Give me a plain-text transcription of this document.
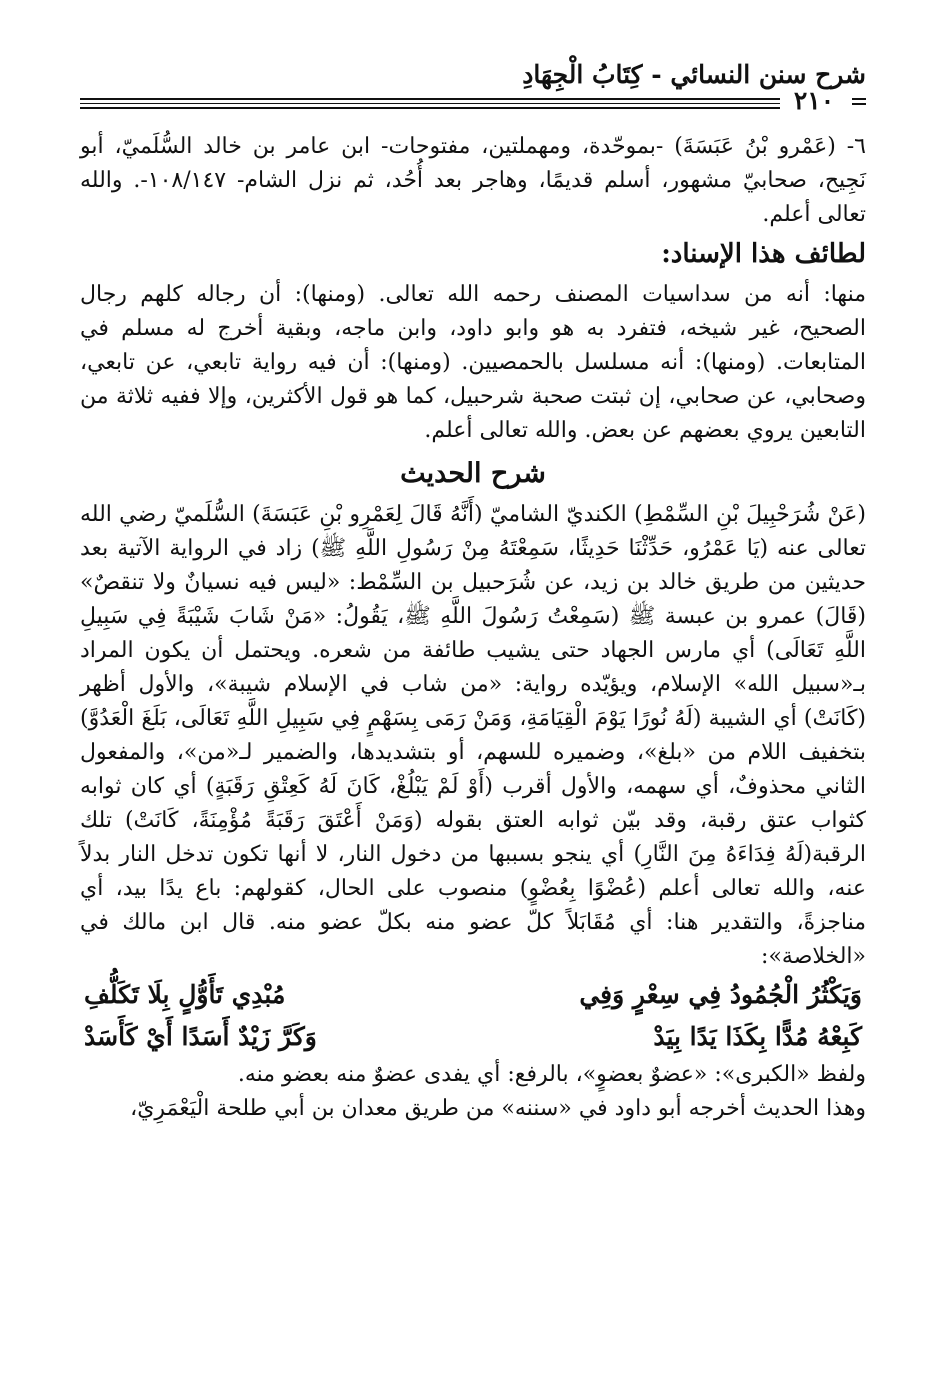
شرح سنن النسائي - كِتَابُ الْجِهَادِ
٢١٠

٦- (عَمْرو بْنُ عَبَسَةَ) -بموحّدة، ومهملتين، مفتوحات- ابن عامر بن خالد السُّلَميّ، أبو نَجِيح، صحابيّ مشهور، أسلم قديمًا، وهاجر بعد أُحُد، ثم نزل الشام- ١٠٨/١٤٧-. والله تعالى أعلم.

لطائف هذا الإسناد:

منها: أنه من سداسيات المصنف رحمه الله تعالى. (ومنها): أن رجاله كلهم رجال الصحيح، غير شيخه، فتفرد به هو وابو داود، وابن ماجه، وبقية أخرج له مسلم في المتابعات. (ومنها): أنه مسلسل بالحمصيين. (ومنها): أن فيه رواية تابعي، عن تابعي، وصحابي، عن صحابي، إن ثبتت صحبة شرحبيل، كما هو قول الأكثرين، وإلا ففيه ثلاثة من التابعين يروي بعضهم عن بعض. والله تعالى أعلم.

شرح الحديث

(عَنْ شُرَحْبِيلَ بْنِ السِّمْطِ) الكنديّ الشاميّ (أَنَّهُ قَالَ لِعَمْرِو بْنِ عَبَسَةَ) السُّلَميّ رضي الله تعالى عنه (يَا عَمْرُو، حَدِّثْنَا حَدِيثًا، سَمِعْتَهُ مِنْ رَسُولِ اللَّهِ ﷺ) زاد في الرواية الآتية بعد حديثين من طريق خالد بن زيد، عن شُرَحبيل بن السِّمْط: «ليس فيه نسيانٌ ولا تنقصٌ» (قَالَ) عمرو بن عبسة ﷺ (سَمِعْتُ رَسُولَ اللَّهِ ﷺ، يَقُولُ: «مَنْ شَابَ شَيْبَةً فِي سَبِيلِ اللَّهِ تَعَالَى) أي مارس الجهاد حتى يشيب طائفة من شعره. ويحتمل أن يكون المراد بـ«سبيل الله» الإسلام، ويؤيّده رواية: «من شاب في الإسلام شيبة»، والأول أظهر (كَانَتْ) أي الشيبة (لَهُ نُورًا يَوْمَ الْقِيَامَةِ، وَمَنْ رَمَى بِسَهْمٍ فِي سَبِيلِ اللَّهِ تَعَالَى، بَلَغَ الْعَدُوَّ) بتخفيف اللام من «بلغ»، وضميره للسهم، أو بتشديدها، والضمير لـ«من»، والمفعول الثاني محذوفٌ، أي سهمه، والأول أقرب (أَوْ لَمْ يَبْلُغْ، كَانَ لَهُ كَعِتْقِ رَقَبَةٍ) أي كان ثوابه كثواب عتق رقبة، وقد بيّن ثوابه العتق بقوله (وَمَنْ أَعْتَقَ رَقَبَةً مُؤْمِنَةً، كَانَتْ) تلك الرقبة(لَهُ فِدَاءَهُ مِنَ النَّارِ) أي ينجو بسببها من دخول النار، لا أنها تكون تدخل النار بدلاً عنه، والله تعالى أعلم (عُضْوًا بِعُضْوٍ) منصوب على الحال، كقولهم: باع يدًا بيد، أي مناجزةً، والتقدير هنا: أي مُقَابَلاً كلّ عضو منه بكلّ عضو منه. قال ابن مالك في «الخلاصة»:

وَيَكْثُرُ الْجُمُودُ فِي سِعْرٍ وَفِي
مُبْدِي تَأَوُّلٍ بِلَا تَكَلُّفِ
كَبِعْهُ مُدًّا بِكَذَا يَدًا بِيَدْ
وَكَرَّ زَيْدٌ أَسَدًا أَيْ كَأَسَدْ

ولفظ «الكبرى»: «عضوٌ بعضوٍ»، بالرفع: أي يفدى عضوٌ منه بعضو منه.

وهذا الحديث أخرجه أبو داود في «سننه» من طريق معدان بن أبي طلحة الْيَعْمَرِيّ،
